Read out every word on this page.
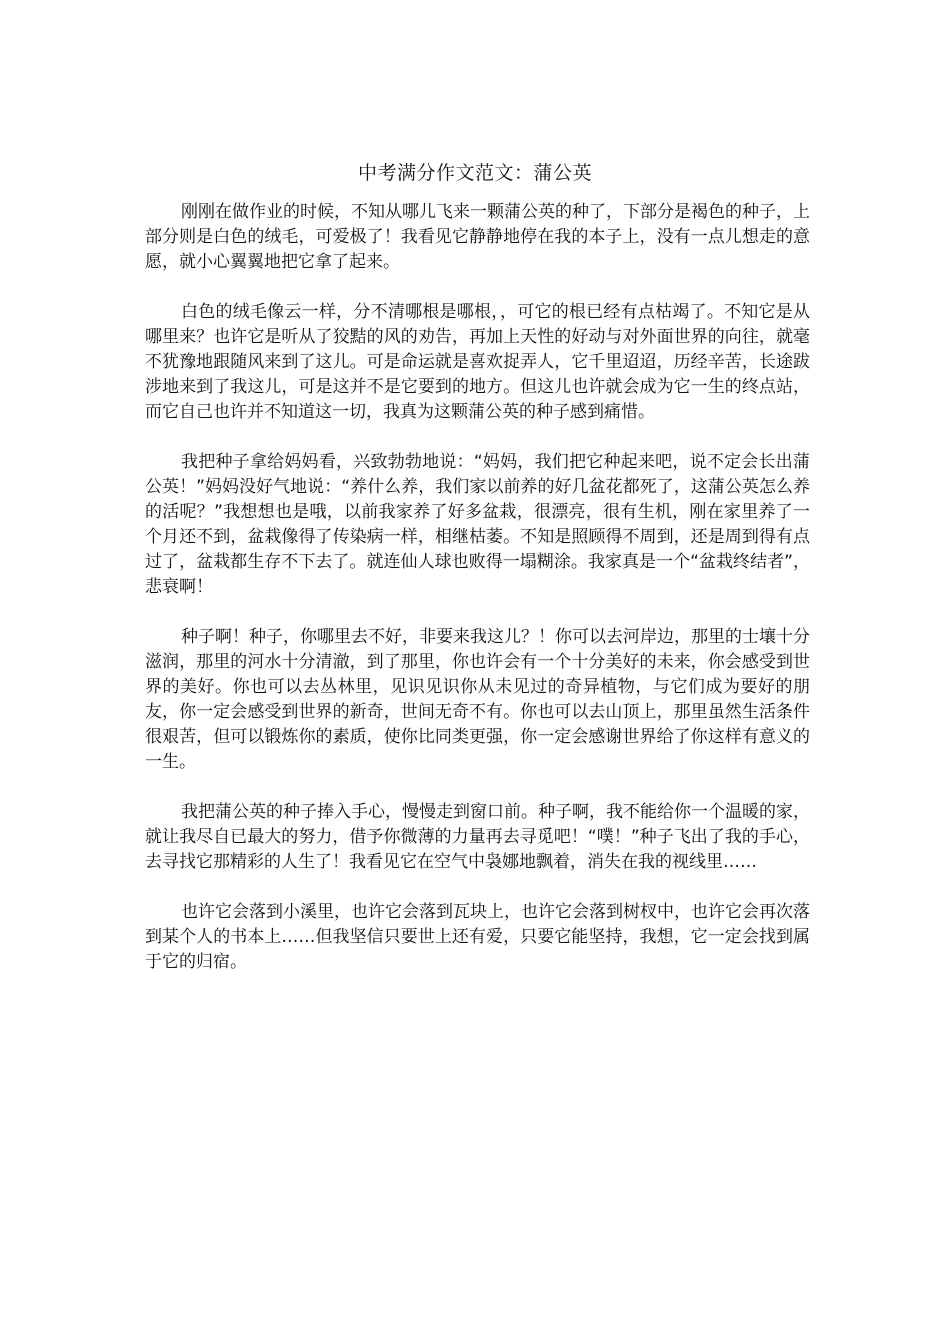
中考满分作文范文：蒲公英

刚刚在做作业的时候，不知从哪儿飞来一颗蒲公英的种了，下部分是褐色的种子，上部分则是白色的绒毛，可爱极了！我看见它静静地停在我的本子上，没有一点儿想走的意愿，就小心翼翼地把它拿了起来。

白色的绒毛像云一样，分不清哪根是哪根，，可它的根已经有点枯竭了。不知它是从哪里来？也许它是听从了狡黠的风的劝告，再加上天性的好动与对外面世界的向往，就毫不犹豫地跟随风来到了这儿。可是命运就是喜欢捉弄人，它千里迢迢，历经辛苦，长途跋涉地来到了我这儿，可是这并不是它要到的地方。但这儿也许就会成为它一生的终点站，而它自己也许并不知道这一切，我真为这颗蒲公英的种子感到痛惜。

我把种子拿给妈妈看，兴致勃勃地说：“妈妈，我们把它种起来吧，说不定会长出蒲公英！”妈妈没好气地说：“养什么养，我们家以前养的好几盆花都死了，这蒲公英怎么养的活呢？”我想想也是哦，以前我家养了好多盆栽，很漂亮，很有生机，刚在家里养了一个月还不到，盆栽像得了传染病一样，相继枯萎。不知是照顾得不周到，还是周到得有点过了，盆栽都生存不下去了。就连仙人球也败得一塌糊涂。我家真是一个“盆栽终结者”，悲衰啊！

种子啊！种子，你哪里去不好，非要来我这儿？！你可以去河岸边，那里的士壤十分滋润，那里的河水十分清澈，到了那里，你也许会有一个十分美好的未来，你会感受到世界的美好。你也可以去丛林里，见识见识你从未见过的奇异植物，与它们成为要好的朋友，你一定会感受到世界的新奇，世间无奇不有。你也可以去山顶上，那里虽然生活条件很艰苦，但可以锻炼你的素质，使你比同类更强，你一定会感谢世界给了你这样有意义的一生。

我把蒲公英的种子捧入手心，慢慢走到窗口前。种子啊，我不能给你一个温暖的家，就让我尽自已最大的努力，借予你微薄的力量再去寻觅吧！“噗！”种子飞出了我的手心，去寻找它那精彩的人生了！我看见它在空气中袅娜地飘着，消失在我的视线里……

也许它会落到小溪里，也许它会落到瓦块上，也许它会落到树杈中，也许它会再次落到某个人的书本上……但我坚信只要世上还有爱，只要它能坚持，我想，它一定会找到属于它的归宿。
